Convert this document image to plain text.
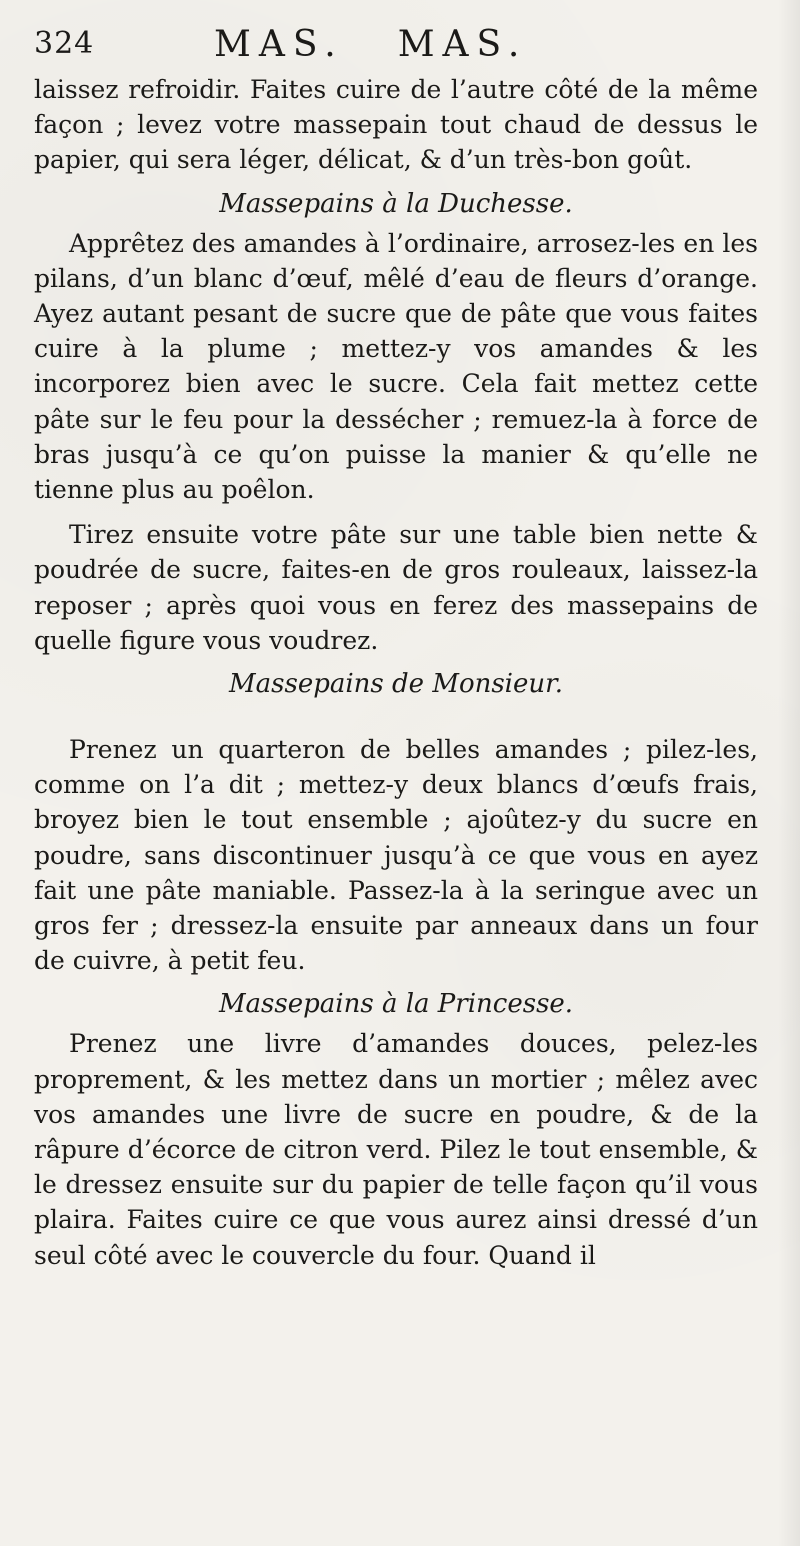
324	MAS. MAS.

laissez refroidir. Faites cuire de l’autre côté de la même façon ; levez votre massepain tout chaud de dessus le papier, qui sera léger, délicat, & d’un très-bon goût.

Massepains à la Duchesse.

Apprêtez des amandes à l’ordinaire, arrosez-les en les pilans, d’un blanc d’œuf, mêlé d’eau de fleurs d’orange. Ayez autant pesant de sucre que de pâte que vous faites cuire à la plume ; mettez-y vos amandes & les incorporez bien avec le sucre. Cela fait mettez cette pâte sur le feu pour la dessécher ; remuez-la à force de bras jusqu’à ce qu’on puisse la manier & qu’elle ne tienne plus au poêlon.

Tirez ensuite votre pâte sur une table bien nette & poudrée de sucre, faites-en de gros rouleaux, laissez-la reposer ; après quoi vous en ferez des massepains de quelle figure vous voudrez.

Massepains de Monsieur.

Prenez un quarteron de belles amandes ; pilez-les, comme on l’a dit ; mettez-y deux blancs d’œufs frais, broyez bien le tout ensemble ; ajoûtez-y du sucre en poudre, sans discontinuer jusqu’à ce que vous en ayez fait une pâte maniable. Passez-la à la seringue avec un gros fer ; dressez-la ensuite par anneaux dans un four de cuivre, à petit feu.

Massepains à la Princesse.

Prenez une livre d’amandes douces, pelez-les proprement, & les mettez dans un mortier ; mêlez avec vos amandes une livre de sucre en poudre, & de la râpure d’écorce de citron verd. Pilez le tout ensemble, & le dressez ensuite sur du papier de telle façon qu’il vous plaira. Faites cuire ce que vous aurez ainsi dressé d’un seul côté avec le couvercle du four. Quand il
